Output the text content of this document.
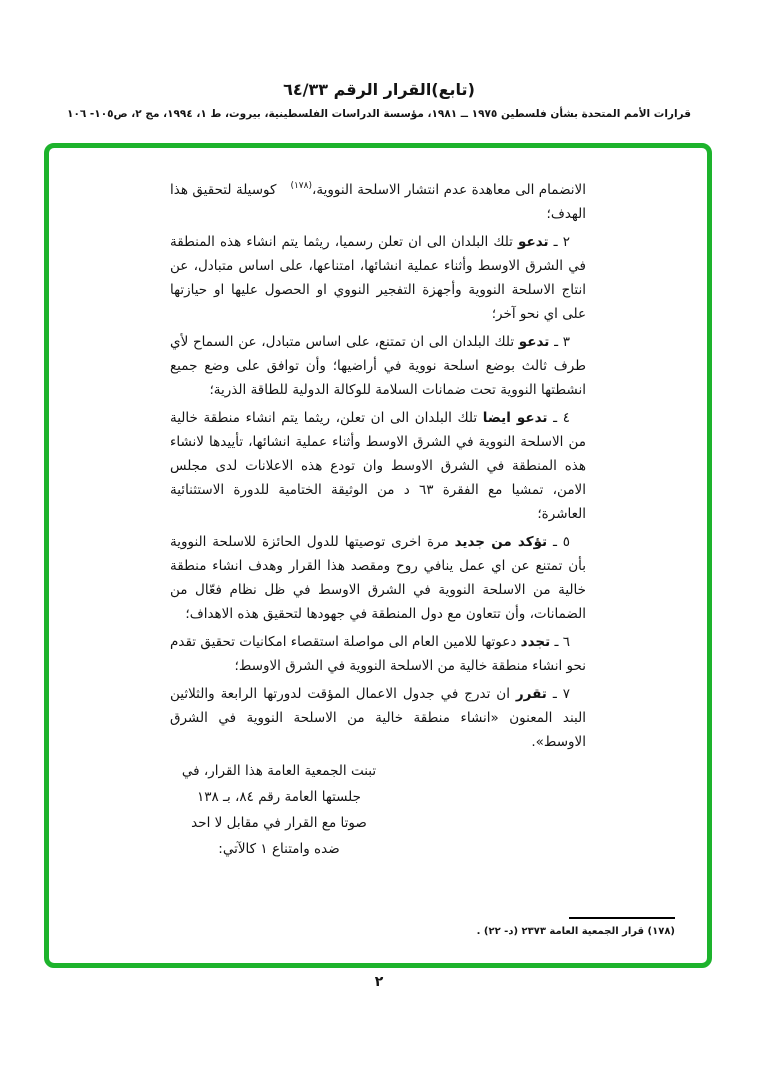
(تابع)القرار الرقم ٦٤/٣٣
قرارات الأمم المتحدة بشأن فلسطين ١٩٧٥ ــ ١٩٨١، مؤسسة الدراسات الفلسطينية، بيروت، ط ١، ١٩٩٤، مج ٢، ص١٠٥- ١٠٦
الانضمام الى معاهدة عدم انتشار الاسلحة النووية،$^{(١٧٨)}$كوسيلة لتحقيق هذا الهدف؛
٢ ـ تدعو تلك البلدان الى ان تعلن رسميا، ريثما يتم انشاء هذه المنطقة في الشرق الاوسط وأثناء عملية انشائها، امتناعها، على اساس متبادل، عن انتاج الاسلحة النووية وأجهزة التفجير النووي او الحصول عليها او حيازتها على اي نحو آخر؛
٣ ـ تدعو تلك البلدان الى ان تمتنع، على اساس متبادل، عن السماح لأي طرف ثالث بوضع اسلحة نووية في أراضيها؛ وأن توافق على وضع جميع انشطتها النووية تحت ضمانات السلامة للوكالة الدولية للطاقة الذرية؛
٤ ـ تدعو ايضا تلك البلدان الى ان تعلن، ريثما يتم انشاء منطقة خالية من الاسلحة النووية في الشرق الاوسط وأثناء عملية انشائها، تأييدها لانشاء هذه المنطقة في الشرق الاوسط وان تودع هذه الاعلانات لدى مجلس الامن، تمشيا مع الفقرة ٦٣ د من الوثيقة الختامية للدورة الاستثنائية العاشرة؛
٥ ـ تؤكد من جديد مرة اخرى توصيتها للدول الحائزة للاسلحة النووية بأن تمتنع عن اي عمل ينافي روح ومقصد هذا القرار وهدف انشاء منطقة خالية من الاسلحة النووية في الشرق الاوسط في ظل نظام فعّال من الضمانات، وأن تتعاون مع دول المنطقة في جهودها لتحقيق هذه الاهداف؛
٦ ـ تجدد دعوتها للامين العام الى مواصلة استقصاء امكانيات تحقيق تقدم نحو انشاء منطقة خالية من الاسلحة النووية في الشرق الاوسط؛
٧ ـ تقرر ان تدرج في جدول الاعمال المؤقت لدورتها الرابعة والثلاثين البند المعنون «انشاء منطقة خالية من الاسلحة النووية في الشرق الاوسط».
تبنت الجمعية العامة هذا القرار، في
جلستها العامة رقم ٨٤، بـ ١٣٨
صوتا مع القرار في مقابل لا احد
ضده وامتناع ١ كالآتي:
(١٧٨) قرار الجمعية العامة ٢٣٧٣ (د- ٢٢) .
٢
